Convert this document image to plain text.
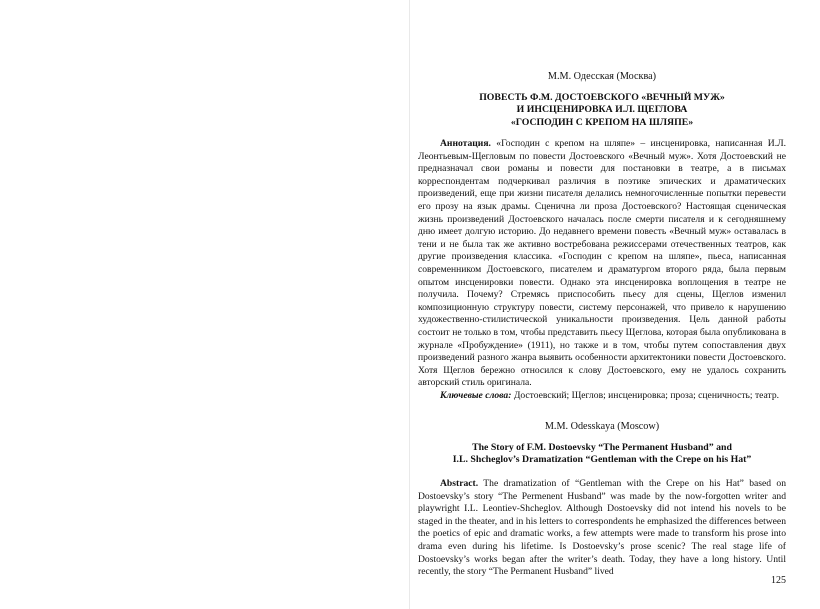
М.М. Одесская (Москва)
ПОВЕСТЬ Ф.М. ДОСТОЕВСКОГО «ВЕЧНЫЙ МУЖ»
И ИНСЦЕНИРОВКА И.Л. ЩЕГЛОВА
«ГОСПОДИН С КРЕПОМ НА ШЛЯПЕ»

Аннотация. «Господин с крепом на шляпе» – инсценировка, написанная И.Л. Леонтьевым-Щегловым по повести Достоевского «Вечный муж». Хотя Достоевский не предназначал свои романы и повести для постановки в театре, а в письмах корреспондентам подчеркивал различия в поэтике эпических и драматических произведений, еще при жизни писателя делались немногочисленные попытки перевести его прозу на язык драмы. Сценична ли проза Достоевского? Настоящая сценическая жизнь произведений Достоевского началась после смерти писателя и к сегодняшнему дню имеет долгую историю. До недавнего времени повесть «Вечный муж» оставалась в тени и не была так же активно востребована режиссерами отечественных театров, как другие произведения классика. «Господин с крепом на шляпе», пьеса, написанная современником Достоевского, писателем и драматургом второго ряда, была первым опытом инсценировки повести. Однако эта инсценировка воплощения в театре не получила. Почему? Стремясь приспособить пьесу для сцены, Щеглов изменил композиционную структуру повести, систему персонажей, что привело к нарушению художественно-стилистической уникальности произведения. Цель данной работы состоит не только в том, чтобы представить пьесу Щеглова, которая была опубликована в журнале «Пробуждение» (1911), но также и в том, чтобы путем сопоставления двух произведений разного жанра выявить особенности архитектоники повести Достоевского. Хотя Щеглов бережно относился к слову Достоевского, ему не удалось сохранить авторский стиль оригинала.

Ключевые слова: Достоевский; Щеглов; инсценировка; проза; сценичность; театр.

M.M. Odesskaya (Moscow)
The Story of F.M. Dostoevsky “The Permanent Husband” and
I.L. Shcheglov’s Dramatization “Gentleman with the Crepe on his Hat”

Abstract. The dramatization of “Gentleman with the Crepe on his Hat” based on Dostoevsky’s story “The Permenent Husband” was made by the now-forgotten writer and playwright I.L. Leontiev-Shcheglov. Although Dostoevsky did not intend his novels to be staged in the theater, and in his letters to correspondents he emphasized the differences between the poetics of epic and dramatic works, a few attempts were made to transform his prose into drama even during his lifetime. Is Dostoevsky’s prose scenic? The real stage life of Dostoevsky’s works began after the writer’s death. Today, they have a long history. Until recently, the story “The Permanent Husband” lived

125
